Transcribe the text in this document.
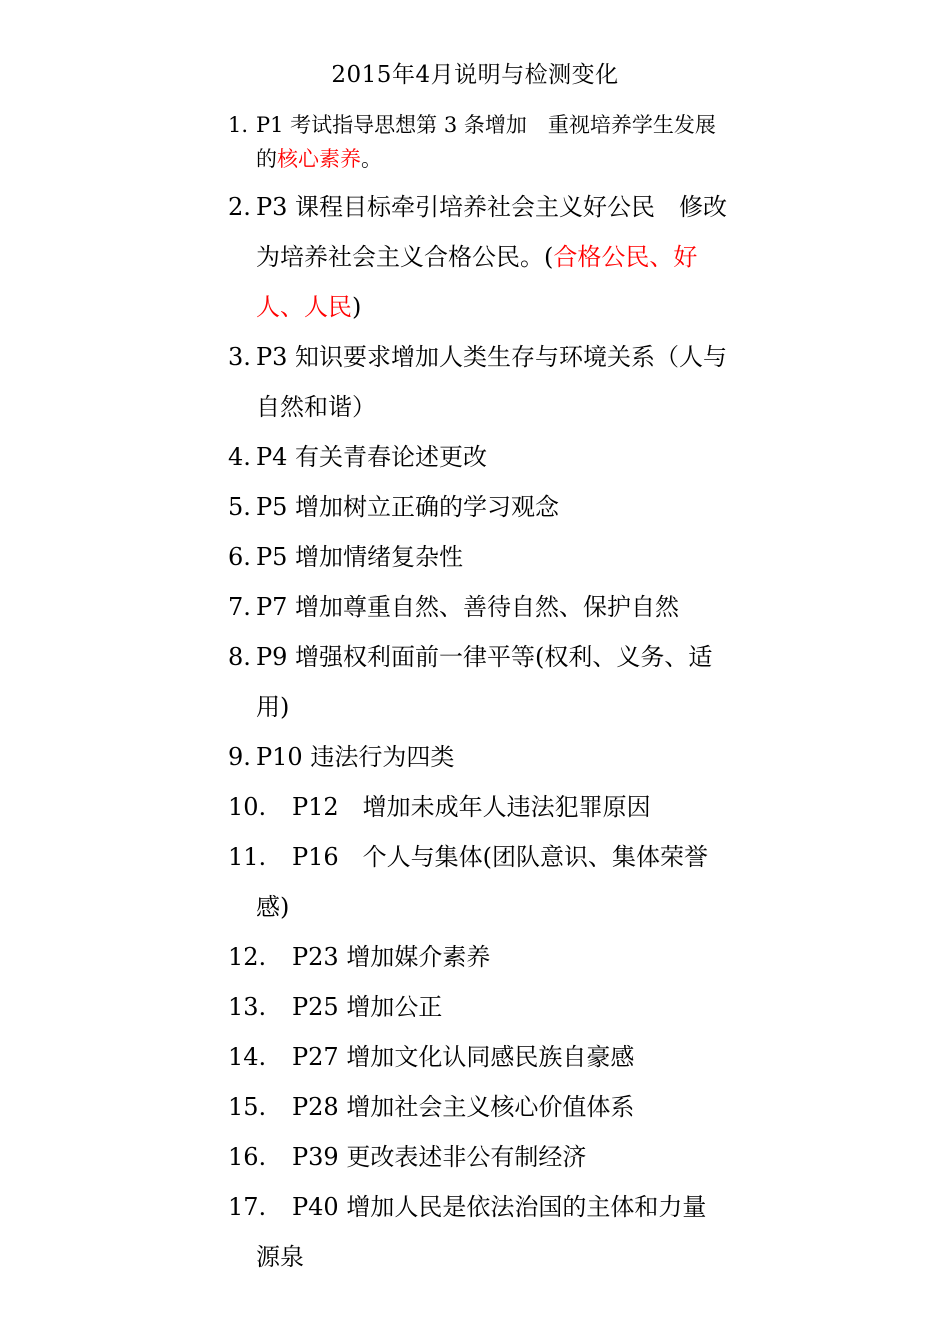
2015年4月说明与检测变化
1. P1 考试指导思想第 3 条增加　重视培养学生发展的核心素养。
2. P3 课程目标牵引培养社会主义好公民　修改为培养社会主义合格公民。(合格公民、好人、人民)
3. P3 知识要求增加人类生存与环境关系（人与自然和谐）
4. P4 有关青春论述更改
5. P5 增加树立正确的学习观念
6. P5 增加情绪复杂性
7. P7 增加尊重自然、善待自然、保护自然
8. P9 增强权利面前一律平等(权利、义务、适用)
9. P10 违法行为四类
10.	P12　增加未成年人违法犯罪原因
11.	P16　个人与集体(团队意识、集体荣誉感)
12.	P23 增加媒介素养
13.	P25 增加公正
14.	P27 增加文化认同感民族自豪感
15.	P28 增加社会主义核心价值体系
16.	P39 更改表述非公有制经济
17.	P40 增加人民是依法治国的主体和力量源泉
